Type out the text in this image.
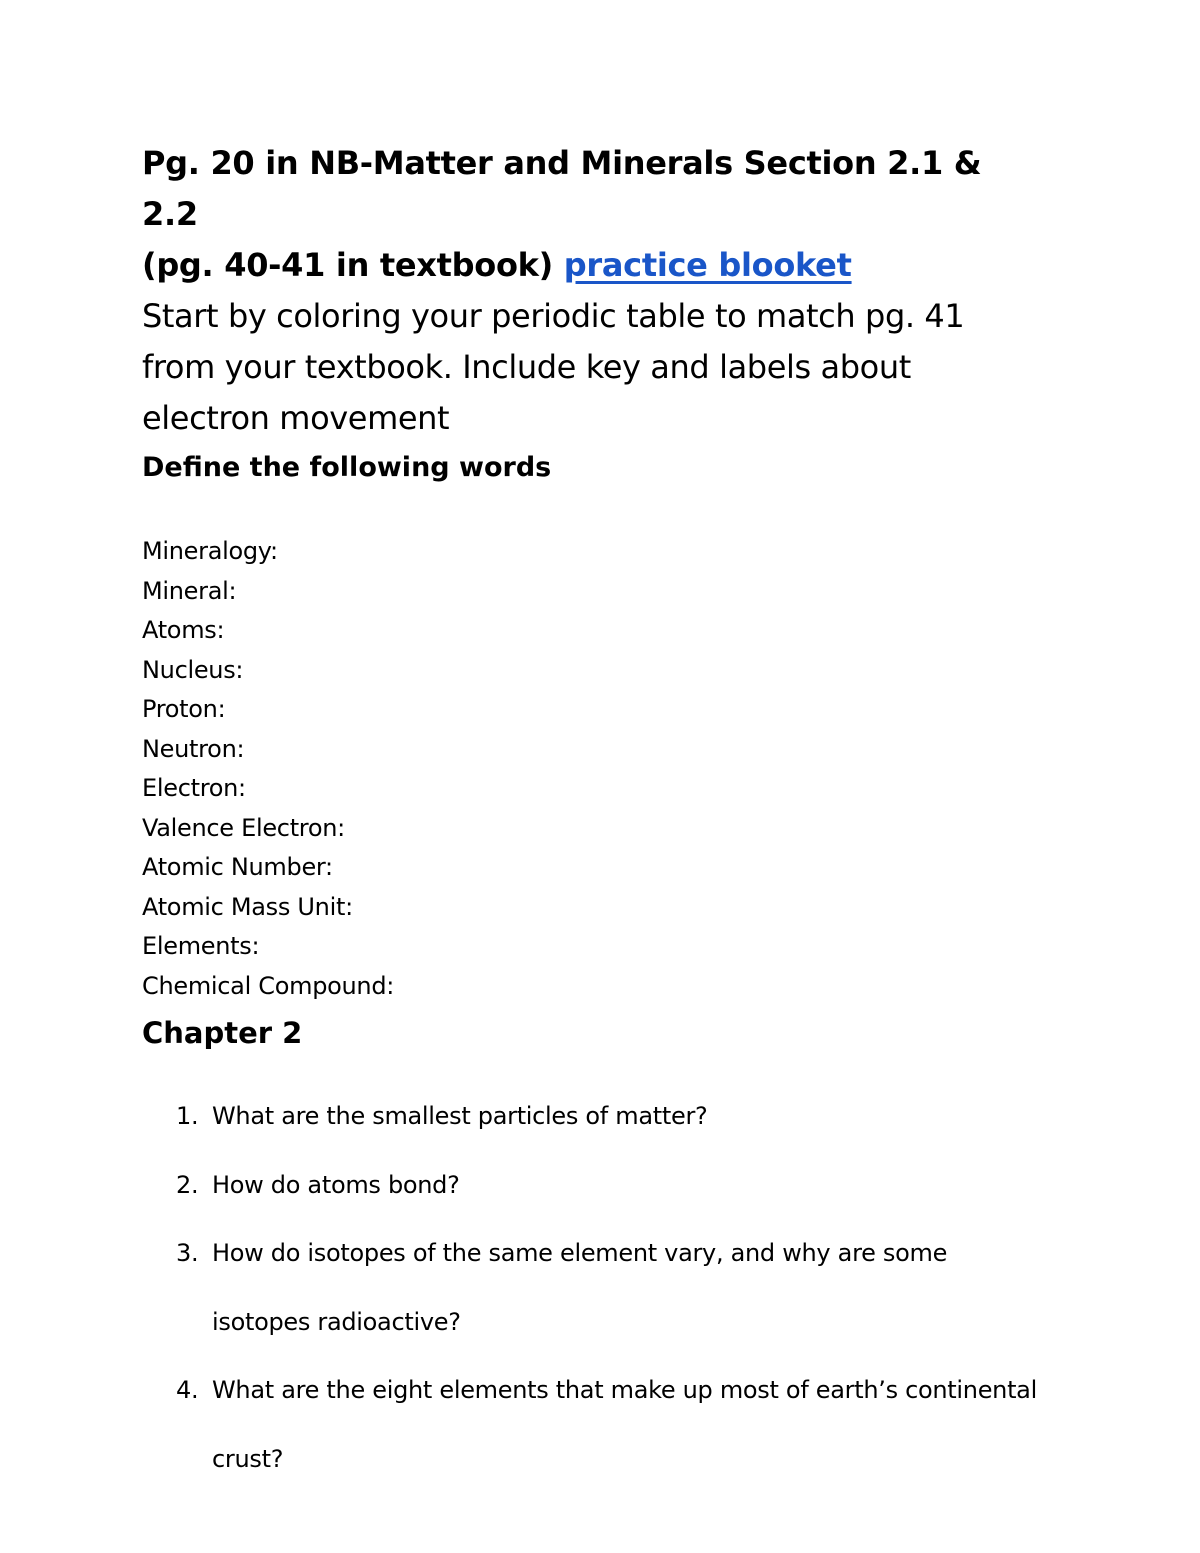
Pg. 20 in NB-Matter and Minerals Section 2.1 & 2.2
(pg. 40-41 in textbook) practice blooket

Start by coloring your periodic table to match pg. 41 from your textbook. Include key and labels about electron movement

Define the following words
Mineralogy:
Mineral:
Atoms:
Nucleus:
Proton:
Neutron:
Electron:
Valence Electron:
Atomic Number:
Atomic Mass Unit:
Elements:
Chemical Compound:
Chapter 2
1. What are the smallest particles of matter?
2. How do atoms bond?
3. How do isotopes of the same element vary, and why are some isotopes radioactive?
4. What are the eight elements that make up most of earth’s continental crust?
